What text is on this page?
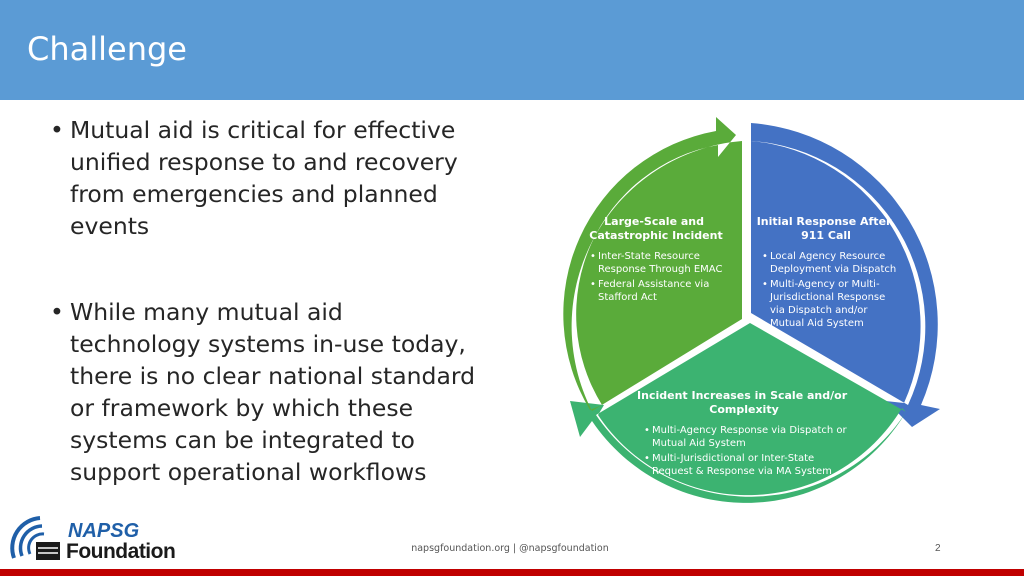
Challenge
• Mutual aid is critical for effective
unified response to and recovery
from emergencies and planned
events
• While many mutual aid
technology systems in-use today,
there is no clear national standard
or framework by which these
systems can be integrated to
support operational workflows
Initial Response After 911 Call
• Local Agency Resource Deployment via Dispatch • Multi-Agency or Multi- Jurisdictional Response via Dispatch and/or Mutual Aid System
Incident Increases in Scale and/or Complexity
• Multi-Agency Response via Dispatch or Mutual Aid System • Multi-Jurisdictional or Inter-State Request & Response via MA System
Large-Scale and Catastrophic Incident
• Inter-State Resource Response Through EMAC • Federal Assistance via Stafford Act
NAPSG
Foundation	napsgfoundation.org | @napsgfoundation	2
